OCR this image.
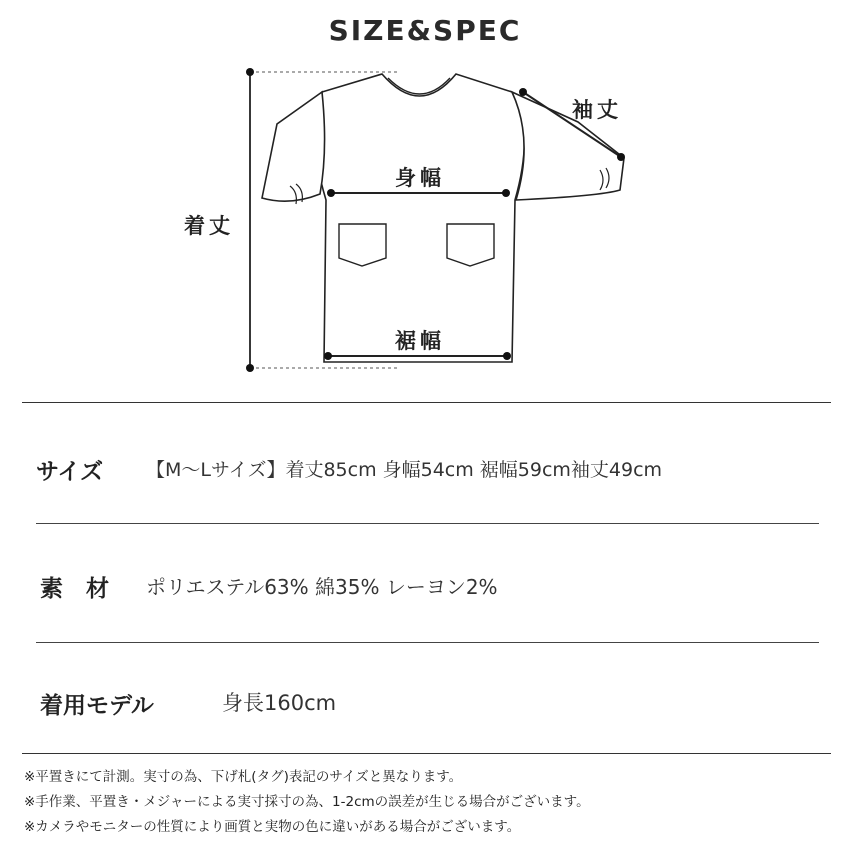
SIZE&SPEC
着丈
袖丈
身幅
裾幅
サイズ 【M〜Lサイズ】着丈85cm 身幅54cm 裾幅59cm袖丈49cm
素　材 ポリエステル63% 綿35% レーヨン2%
着用モデル	身長160cm
※平置きにて計測。実寸の為、下げ札(タグ)表記のサイズと異なります。
※手作業、平置き・メジャーによる実寸採寸の為、1-2cmの誤差が生じる場合がございます。
※カメラやモニターの性質により画質と実物の色に違いがある場合がございます。
